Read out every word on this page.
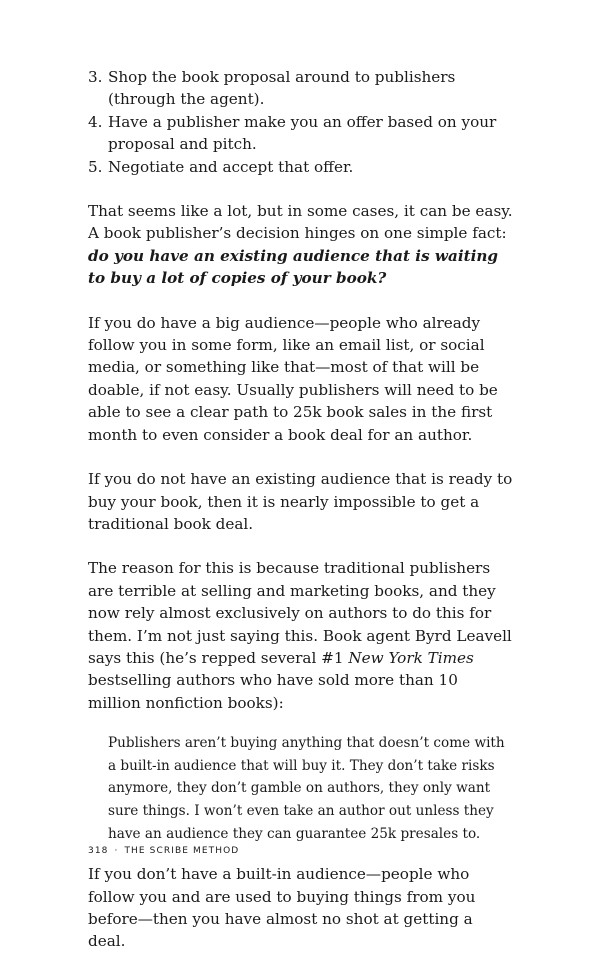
3. Shop the book proposal around to publishers (through the agent).
4. Have a publisher make you an offer based on your proposal and pitch.
5. Negotiate and accept that offer.

That seems like a lot, but in some cases, it can be easy. A book publisher’s decision hinges on one simple fact: do you have an existing audience that is waiting to buy a lot of copies of your book?

If you do have a big audience—people who already follow you in some form, like an email list, or social media, or something like that—most of that will be doable, if not easy. Usually publishers will need to be able to see a clear path to 25k book sales in the first month to even consider a book deal for an author.

If you do not have an existing audience that is ready to buy your book, then it is nearly impossible to get a traditional book deal.

The reason for this is because traditional publishers are terrible at selling and marketing books, and they now rely almost exclusively on authors to do this for them. I’m not just saying this. Book agent Byrd Leavell says this (he’s repped several #1 New York Times bestselling authors who have sold more than 10 million nonfiction books):

Publishers aren’t buying anything that doesn’t come with a built-in audience that will buy it. They don’t take risks anymore, they don’t gamble on authors, they only want sure things. I won’t even take an author out unless they have an audience they can guarantee 25k presales to.

If you don’t have a built-in audience—people who follow you and are used to buying things from you before—then you have almost no shot at getting a deal.

318 · THE SCRIBE METHOD
